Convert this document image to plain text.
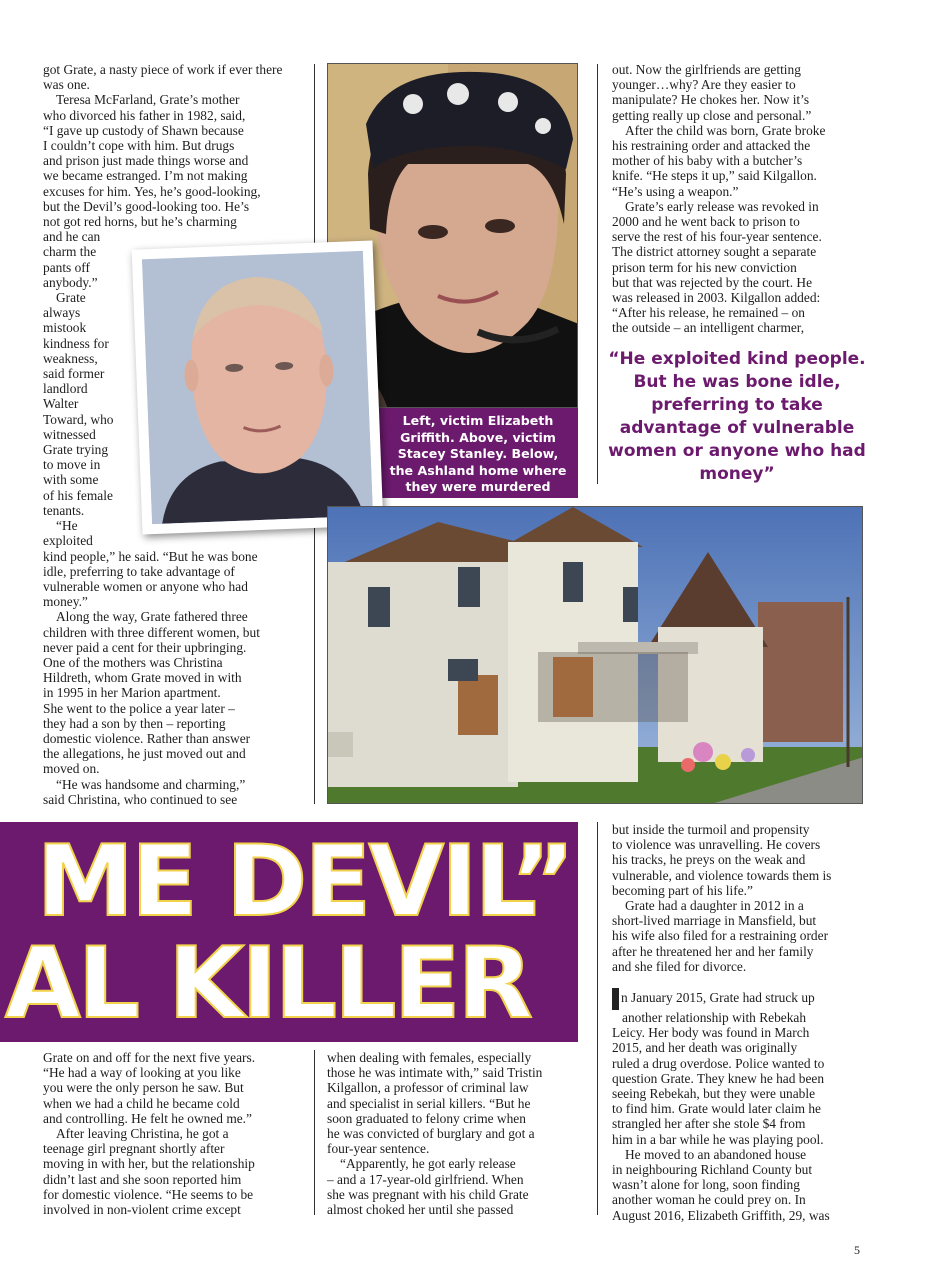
got Grate, a nasty piece of work if ever there was one.
Teresa McFarland, Grate’s mother
who divorced his father in 1982, said,
“I gave up custody of Shawn because
I couldn’t cope with him. But drugs
and prison just made things worse and
we became estranged. I’m not making
excuses for him. Yes, he’s good-looking,
but the Devil’s good-looking too. He’s
not got red horns, but he’s charming
and he can
charm the
pants off
anybody.”
Grate
always
mistook
kindness for
weakness,
said former
landlord
Walter
Toward, who
witnessed
Grate trying
to move in
with some
of his female
tenants.
“He
exploited
kind people,” he said. “But he was bone
idle, preferring to take advantage of
vulnerable women or anyone who had
money.”
Along the way, Grate fathered three
children with three different women, but
never paid a cent for their upbringing.
One of the mothers was Christina
Hildreth, whom Grate moved in with
in 1995 in her Marion apartment.
She went to the police a year later –
they had a son by then – reporting
domestic violence. Rather than answer
the allegations, he just moved out and
moved on.
“He was handsome and charming,”
said Christina, who continued to see
Left, victim Elizabeth Griffith. Above, victim Stacey Stanley. Below, the Ashland home where they were murdered
out. Now the girlfriends are getting
younger…why? Are they easier to
manipulate? He chokes her. Now it’s
getting really up close and personal.”
After the child was born, Grate broke
his restraining order and attacked the
mother of his baby with a butcher’s
knife. “He steps it up,” said Kilgallon.
“He’s using a weapon.”
Grate’s early release was revoked in
2000 and he went back to prison to
serve the rest of his four-year sentence.
The district attorney sought a separate
prison term for his new conviction
but that was rejected by the court. He
was released in 2003. Kilgallon added:
“After his release, he remained – on
the outside – an intelligent charmer,
“He exploited kind people. But he was bone idle, preferring to take advantage of vulnerable women or anyone who had money”
ME DEVIL”
AL KILLER
but inside the turmoil and propensity
to violence was unravelling. He covers
his tracks, he preys on the weak and
vulnerable, and violence towards them is
becoming part of his life.”
Grate had a daughter in 2012 in a
short-lived marriage in Mansfield, but
his wife also filed for a restraining order
after he threatened her and her family
and she filed for divorce.
n January 2015, Grate had struck up
another relationship with Rebekah
Leicy. Her body was found in March
2015, and her death was originally
ruled a drug overdose. Police wanted to
question Grate. They knew he had been
seeing Rebekah, but they were unable
to find him. Grate would later claim he
strangled her after she stole $4 from
him in a bar while he was playing pool.
He moved to an abandoned house
in neighbouring Richland County but
wasn’t alone for long, soon finding
another woman he could prey on. In
August 2016, Elizabeth Griffith, 29, was
Grate on and off for the next five years.
“He had a way of looking at you like
you were the only person he saw. But
when we had a child he became cold
and controlling. He felt he owned me.”
After leaving Christina, he got a
teenage girl pregnant shortly after
moving in with her, but the relationship
didn’t last and she soon reported him
for domestic violence. “He seems to be
involved in non-violent crime except
when dealing with females, especially
those he was intimate with,” said Tristin
Kilgallon, a professor of criminal law
and specialist in serial killers. “But he
soon graduated to felony crime when
he was convicted of burglary and got a
four-year sentence.
“Apparently, he got early release
– and a 17-year-old girlfriend. When
she was pregnant with his child Grate
almost choked her until she passed
5
